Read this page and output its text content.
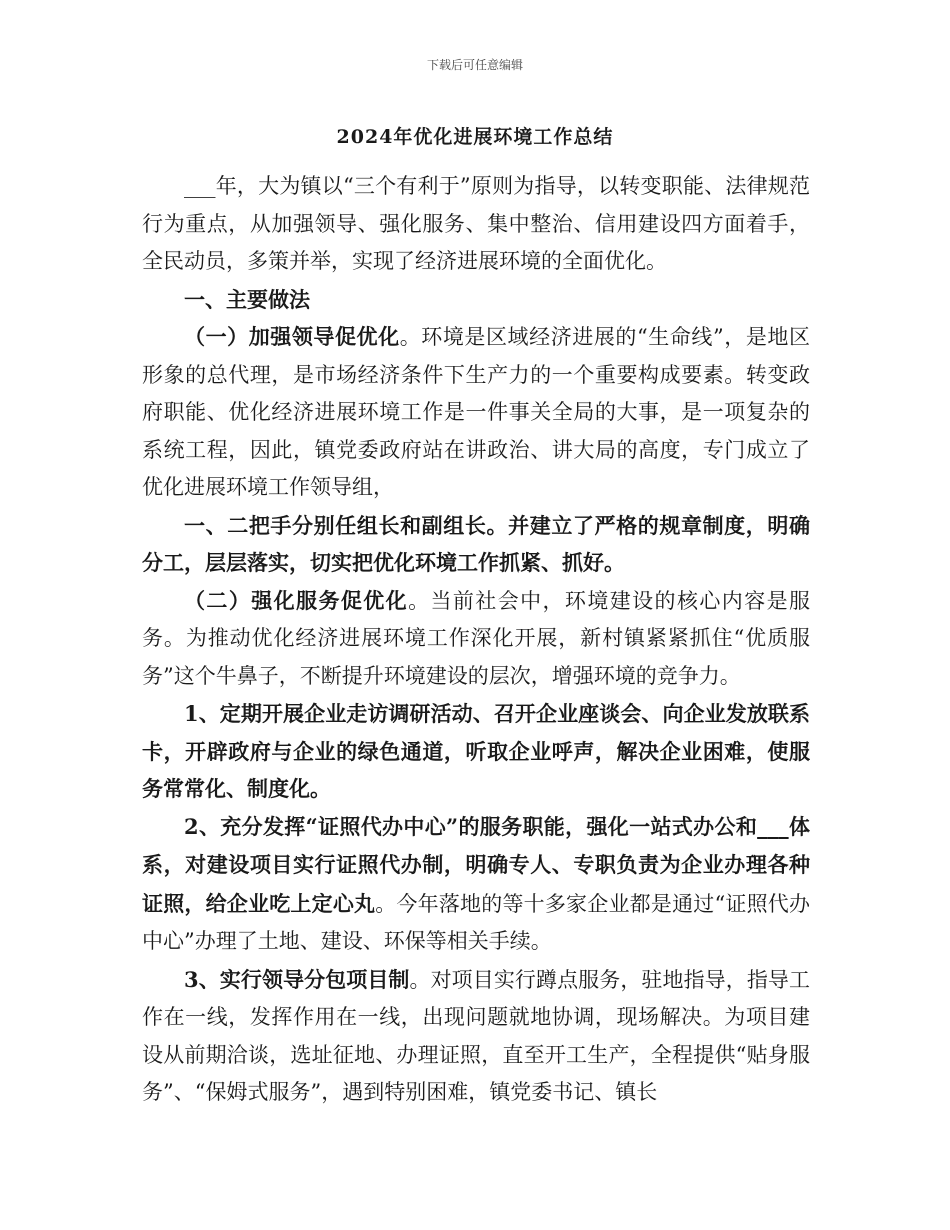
下载后可任意编辑
2024年优化进展环境工作总结

___年，大为镇以“三个有利于”原则为指导，以转变职能、法律规范行为重点，从加强领导、强化服务、集中整治、信用建设四方面着手，全民动员，多策并举，实现了经济进展环境的全面优化。

一、主要做法

（一）加强领导促优化。环境是区域经济进展的“生命线”，是地区形象的总代理，是市场经济条件下生产力的一个重要构成要素。转变政府职能、优化经济进展环境工作是一件事关全局的大事，是一项复杂的系统工程，因此，镇党委政府站在讲政治、讲大局的高度，专门成立了优化进展环境工作领导组，

一、二把手分别任组长和副组长。并建立了严格的规章制度，明确分工，层层落实，切实把优化环境工作抓紧、抓好。

（二）强化服务促优化。当前社会中，环境建设的核心内容是服务。为推动优化经济进展环境工作深化开展，新村镇紧紧抓住“优质服务”这个牛鼻子，不断提升环境建设的层次，增强环境的竞争力。

1、定期开展企业走访调研活动、召开企业座谈会、向企业发放联系卡，开辟政府与企业的绿色通道，听取企业呼声，解决企业困难，使服务常常化、制度化。

2、充分发挥“证照代办中心”的服务职能，强化一站式办公和___体系，对建设项目实行证照代办制，明确专人、专职负责为企业办理各种证照，给企业吃上定心丸。今年落地的等十多家企业都是通过“证照代办中心”办理了土地、建设、环保等相关手续。

3、实行领导分包项目制。对项目实行蹲点服务，驻地指导，指导工作在一线，发挥作用在一线，出现问题就地协调，现场解决。为项目建设从前期洽谈，选址征地、办理证照，直至开工生产，全程提供“贴身服务”、“保姆式服务”，遇到特别困难，镇党委书记、镇长
